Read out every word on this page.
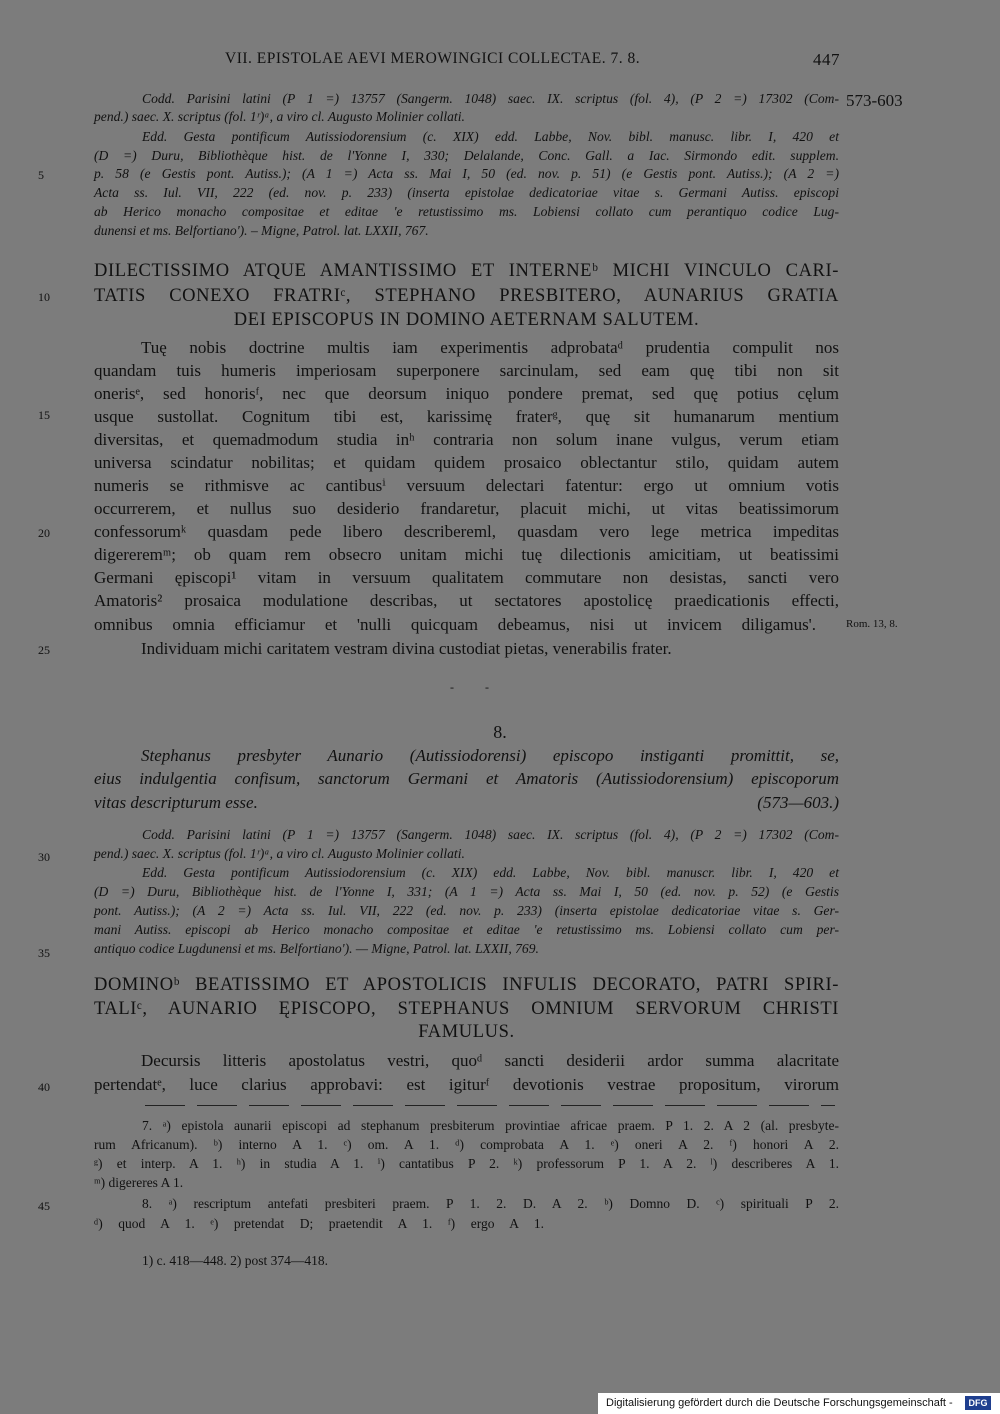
VII. EPISTOLAE AEVI MEROWINGICI COLLECTAE. 7. 8.	447
573-603
5
10
15
20
25
30
35
40
45
Codd. Parisini latini (P 1 =) 13757 (Sangerm. 1048) saec. IX. scriptus (fol. 4), (P 2 =) 17302 (Com-
pend.) saec. X. scriptus (fol. 1ʳ)ᵃ, a viro cl. Augusto Molinier collati.
Edd. Gesta pontificum Autissiodorensium (c. XIX) edd. Labbe, Nov. bibl. manusc. libr. I, 420 et
(D =) Duru, Bibliothèque hist. de l'Yonne I, 330; Delalande, Conc. Gall. a Iac. Sirmondo edit. supplem.
p. 58 (e Gestis pont. Autiss.); (A 1 =) Acta ss. Mai I, 50 (ed. nov. p. 51) (e Gestis pont. Autiss.); (A 2 =)
Acta ss. Iul. VII, 222 (ed. nov. p. 233) (inserta epistolae dedicatoriae vitae s. Germani Autiss. episcopi
ab Herico monacho compositae et editae 'e retustissimo ms. Lobiensi collato cum perantiquo codice Lug-
dunensi et ms. Belfortiano'). – Migne, Patrol. lat. LXXII, 767.
DILECTISSIMO ATQUE AMANTISSIMO ET INTERNEᵇ MICHI VINCULO CARI-
TATIS CONEXO FRATRIᶜ, STEPHANO PRESBITERO, AUNARIUS GRATIA
DEI EPISCOPUS IN DOMINO AETERNAM SALUTEM.
Tuę nobis doctrine multis iam experimentis adprobataᵈ prudentia compulit nos
quandam tuis humeris imperiosam superponere sarcinulam, sed eam quę tibi non sit
onerisᵉ, sed honorisᶠ, nec que deorsum iniquo pondere premat, sed quę potius cęlum
usque sustollat. Cognitum tibi est, karissimę fraterᵍ, quę sit humanarum mentium
diversitas, et quemadmodum studia inʰ contraria non solum inane vulgus, verum etiam
universa scindatur nobilitas; et quidam quidem prosaico oblectantur stilo, quidam autem
numeris se rithmisve ac cantibusⁱ versuum delectari fatentur: ergo ut omnium votis
occurrerem, et nullus suo desiderio frandaretur, placuit michi, ut vitas beatissimorum
confessorumᵏ quasdam pede libero describereml, quasdam vero lege metrica impeditas
digereremᵐ; ob quam rem obsecro unitam michi tuę dilectionis amicitiam, ut beatissimi
Germani ępiscopi¹ vitam in versuum qualitatem commutare non desistas, sancti vero
Amatoris² prosaica modulatione describas, ut sectatores apostolicę praedicationis effecti,
omnibus omnia efficiamur et 'nulli quicquam debeamus, nisi ut invicem diligamus'.
Individuam michi caritatem vestram divina custodiat pietas, venerabilis frater.
Rom. 13, 8.
- -
8.
Stephanus presbyter Aunario (Autissiodorensi) episcopo instiganti promittit, se,
eius indulgentia confisum, sanctorum Germani et Amatoris (Autissiodorensium) episcoporum
vitas descripturum esse.	(573—603.)
Codd. Parisini latini (P 1 =) 13757 (Sangerm. 1048) saec. IX. scriptus (fol. 4), (P 2 =) 17302 (Com-
pend.) saec. X. scriptus (fol. 1ʳ)ᵃ, a viro cl. Augusto Molinier collati.
Edd. Gesta pontificum Autissiodorensium (c. XIX) edd. Labbe, Nov. bibl. manuscr. libr. I, 420 et
(D =) Duru, Bibliothèque hist. de l'Yonne I, 331; (A 1 =) Acta ss. Mai I, 50 (ed. nov. p. 52) (e Gestis
pont. Autiss.); (A 2 =) Acta ss. Iul. VII, 222 (ed. nov. p. 233) (inserta epistolae dedicatoriae vitae s. Ger-
mani Autiss. episcopi ab Herico monacho compositae et editae 'e retustissimo ms. Lobiensi collato cum per-
antiquo codice Lugdunensi et ms. Belfortiano'). — Migne, Patrol. lat. LXXII, 769.
DOMINOᵇ BEATISSIMO ET APOSTOLICIS INFULIS DECORATO, PATRI SPIRI-
TALIᶜ, AUNARIO ĘPISCOPO, STEPHANUS OMNIUM SERVORUM CHRISTI
FAMULUS.
Decursis litteris apostolatus vestri, quoᵈ sancti desiderii ardor summa alacritate
pertendatᵉ, luce clarius approbavi: est igiturᶠ devotionis vestrae propositum, virorum
7. ᵃ) epistola aunarii episcopi ad stephanum presbiterum provintiae africae praem. P 1. 2. A 2 (al. presbyte-
rum Africanum). ᵇ) interno A 1. ᶜ) om. A 1. ᵈ) comprobata A 1. ᵉ) oneri A 2. ᶠ) honori A 2.
ᵍ) et interp. A 1. ʰ) in studia A 1. ⁱ) cantatibus P 2. ᵏ) professorum P 1. A 2. ˡ) describeres A 1.
ᵐ) digereres A 1.
8. ᵃ) rescriptum antefati presbiteri praem. P 1. 2. D. A 2. ᵇ) Domno D. ᶜ) spirituali P 2.
ᵈ) quod A 1. ᵉ) pretendat D; praetendit A 1. ᶠ) ergo A 1.
1) c. 418—448. 2) post 374—418.
Digitalisierung gefördert durch die Deutsche Forschungsgemeinschaft -	DFG
